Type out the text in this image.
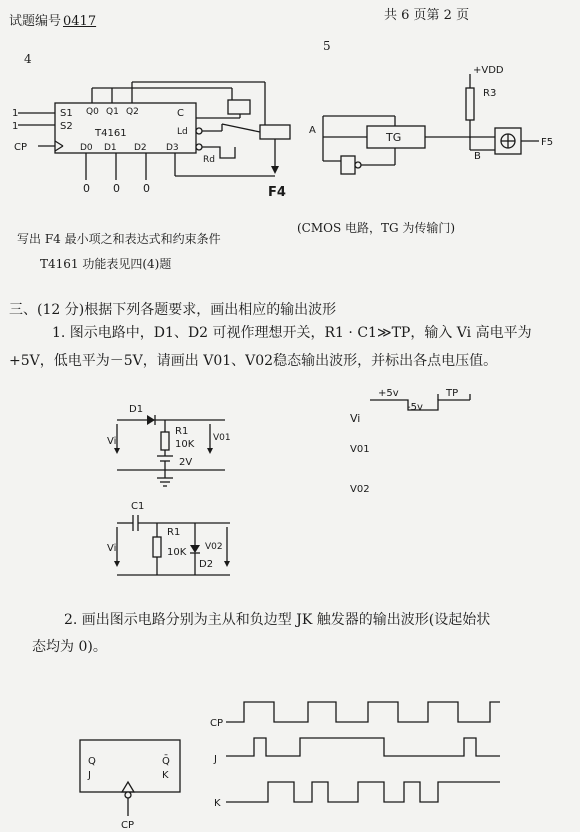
试题编号 0417	共 6 页第 2 页
4
写出 F4 最小项之和表达式和约束条件
T4161 功能表见四(4)题
5
(CMOS 电路，TG 为传输门)
三、(12 分)根据下列各题要求，画出相应的输出波形
1. 图示电路中，D1、D2 可视作理想开关，R1 · C1≫TP，输入 Vi 高电平为
+5V，低电平为－5V，请画出 V01、V02稳态输出波形，并标出各点电压值。
2. 画出图示电路分别为主从和负边型 JK 触发器的输出波形(设起始状
态均为 0)。
S1
S2
CP
Q0 Q1 Q2	C
Ld
D0 D1 D2 D3
Rd
T4161
1
1
0 0 0	F4
+VDD
R3
TG
A
B
F5
D1
R1
10K
2V
Vi	V01
C1
R1
10K
D2
Vi	V02
Vi
V01
V02
+5v
-5v
TP
Q
J
Q̄
K
CP
CP
J
K
